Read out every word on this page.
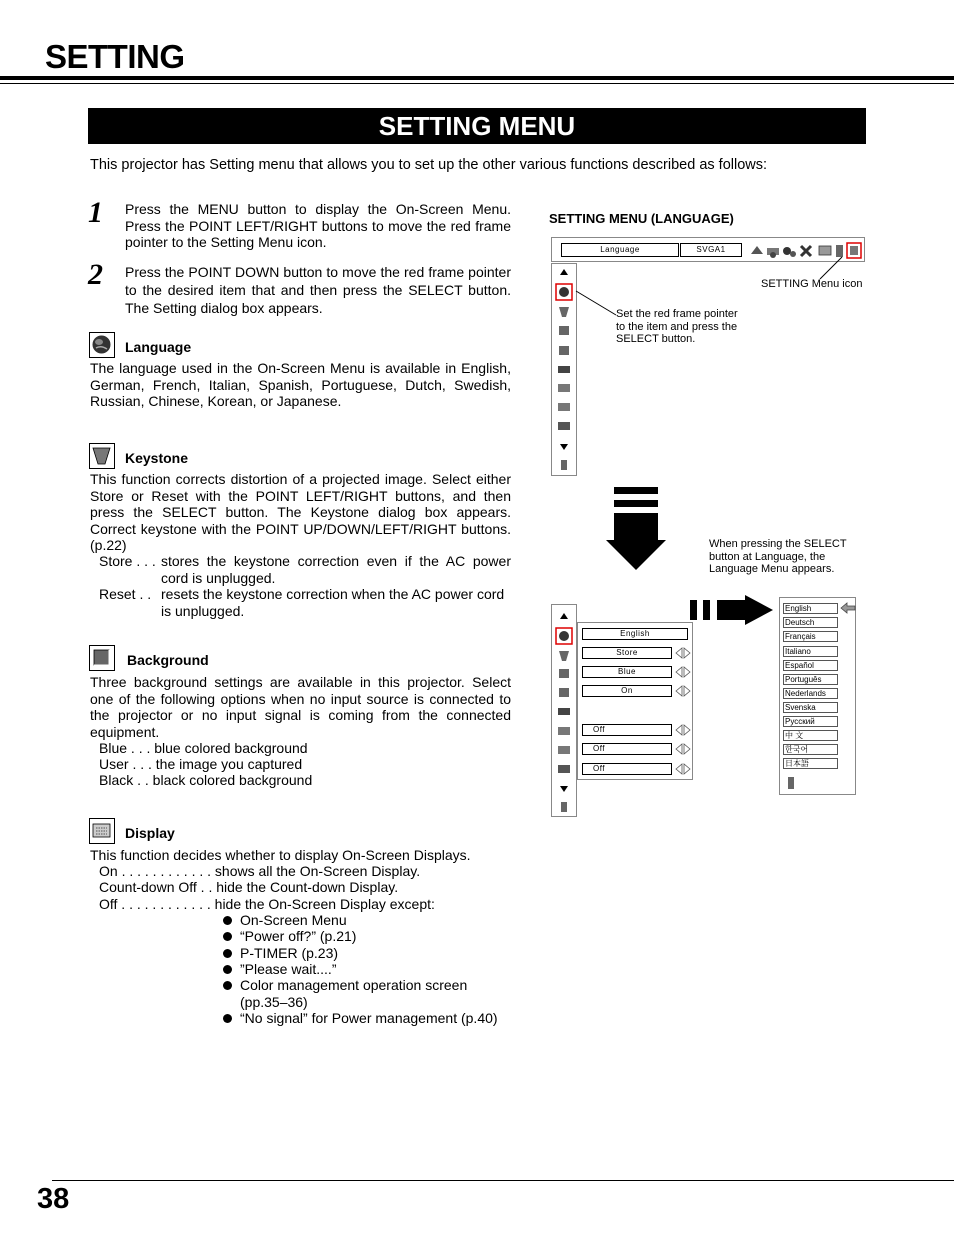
SETTING
SETTING MENU
This projector has Setting menu that allows you to set up the other various functions described as follows:
1 Press the MENU button to display the On-Screen Menu. Press the POINT LEFT/RIGHT buttons to move the red frame pointer to the Setting Menu icon.
2 Press the POINT DOWN button to move the red frame pointer to the desired item that and then press the SELECT button. The Setting dialog box appears.
Language
The language used in the On-Screen Menu is available in English, German, French, Italian, Spanish, Portuguese, Dutch, Swedish, Russian, Chinese, Korean, or Japanese.
Keystone
This function corrects distortion of a projected image. Select either Store or Reset with the POINT LEFT/RIGHT buttons, and then press the SELECT button. The Keystone dialog box appears. Correct keystone with the POINT UP/DOWN/LEFT/RIGHT buttons. (p.22)
Store . . . stores the keystone correction even if the AC power cord is unplugged.
Reset . . resets the keystone correction when the AC power cord is unplugged.
Background
Three background settings are available in this projector. Select one of the following options when no input source is connected to the projector or no input signal is coming from the connected equipment.
Blue . . . blue colored background
User . . . the image you captured
Black . . black colored background
Display
This function decides whether to display On-Screen Displays.
On . . . . . . . . . . . . shows all the On-Screen Display.
Count-down Off . . hide the Count-down Display.
Off . . . . . . . . . . . . hide the On-Screen Display except:
On-Screen Menu
“Power off?” (p.21)
P-TIMER (p.23)
”Please wait....”
Color management operation screen
(pp.35–36)
“No signal” for Power management (p.40)
SETTING MENU (LANGUAGE)
Language	SVGA1
SETTING Menu icon
Set the red frame pointer to the item and press the SELECT button.
When pressing the SELECT button at Language, the Language Menu appears.
English
Store
Blue
On
Off
Off
Off
English
Deutsch
Français
Italiano
Español
Português
Nederlands
Svenska
Русский
中 文
한국어
日本語
38
